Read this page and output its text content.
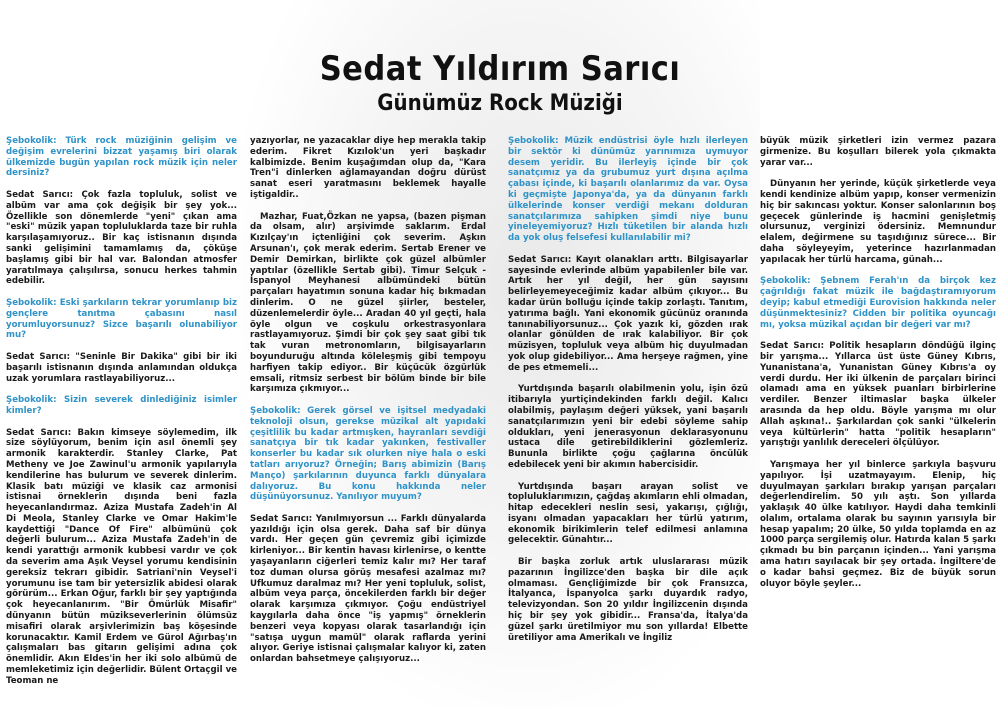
Sedat Yıldırım Sarıcı
Günümüz Rock Müziği

Şebokolik: Türk rock müziğinin gelişim ve değişim evrelerini bizzat yaşamış biri olarak ülkemizde bugün yapılan rock müzik için neler dersiniz?

Sedat Sarıcı: Çok fazla topluluk, solist ve albüm var ama çok değişik bir şey yok... Özellikle son dönemlerde "yeni" çıkan ama "eski" müzik yapan topluluklarda taze bir ruhla karşılaşamıyoruz.. Bir kaç istisnanın dışında sanki gelişimini tamamlamış da, çöküşe başlamış gibi bir hal var. Balondan atmosfer yaratılmaya çalışılırsa, sonucu herkes tahmin edebilir.

Şebokolik: Eski şarkıların tekrar yorumlanıp biz gençlere tanıtma çabasını nasıl yorumluyorsunuz? Sizce başarılı olunabiliyor mu?

Sedat Sarıcı: "Seninle Bir Dakika" gibi bir iki başarılı istisnanın dışında anlamından oldukça uzak yorumlara rastlayabiliyoruz...

Şebokolik: Sizin severek dinlediğiniz isimler kimler?

Sedat Sarıcı: Bakın kimseye söylemedim, ilk size söylüyorum, benim için asıl önemli şey armonik karakterdir. Stanley Clarke, Pat Metheny ve Joe Zawinul'u armonik yapılarıyla kendilerine has bulurum ve severek dinlerim. Klasik batı müziği ve klasik caz armonisi istisnai örneklerin dışında beni fazla heyecanlandırmaz. Aziza Mustafa Zadeh'in Al Di Meola, Stanley Clarke ve Omar Hakim'le kaydettiği "Dance Of Fire" albümünü çok değerli bulurum... Aziza Mustafa Zadeh'in de kendi yarattığı armonik kubbesi vardır ve çok da severim ama Aşık Veysel yorumu kendisinin gereksiz tekrarı gibidir. Satriani'nin Veysel'i yorumunu ise tam bir yetersizlik abidesi olarak görürüm... Erkan Oğur, farklı bir şey yaptığında çok heyecanlanırım. "Bir Ömürlük Misafir" dünyanın bütün müzikseverlerinin ölümsüz misafiri olarak arşivlerimizin baş köşesinde korunacaktır. Kamil Erdem ve Gürol Ağırbaş'ın çalışmaları bas gitarın gelişimi adına çok önemlidir. Akın Eldes'in her iki solo albümü de memleketimiz için değerlidir. Bülent Ortaçgil ve Teoman ne

yazıyorlar, ne yazacaklar diye hep merakla takip ederim. Fikret Kızılok'un yeri başkadır kalbimizde. Benim kuşağımdan olup da, "Kara Tren"i dinlerken ağlamayandan doğru dürüst sanat eseri yaratmasını beklemek hayalle iştigaldir..

Mazhar, Fuat,Özkan ne yapsa, (bazen pişman da olsam, alır) arşivimde saklarım. Erdal Kızılçay'ın içtenliğini çok severim. Aşkın Arsunan'ı, çok merak ederim. Sertab Erener ve Demir Demirkan, birlikte çok güzel albümler yaptılar (özellikle Sertab gibi). Timur Selçuk - İspanyol Meyhanesi albümündeki bütün parçaları hayatımın sonuna kadar hiç bıkmadan dinlerim. O ne güzel şiirler, besteler, düzenlemelerdir öyle... Aradan 40 yıl geçti, hala öyle olgun ve coşkulu orkestrasyonlara rastlayamıyoruz. Şimdi bir çok şey saat gibi tık tak vuran metronomların, bilgisayarların boyunduruğu altında köleleşmiş gibi tempoyu harfiyen takip ediyor.. Bir küçücük özgürlük emsali, ritmsiz serbest bir bölüm binde bir bile karşımıza çıkmıyor...

Şebokolik: Gerek görsel ve işitsel medyadaki teknoloji olsun, gerekse müzikal alt yapıdaki çeşitlilik bu kadar artmışken, hayranları sevdiği sanatçıya bir tık kadar yakınken, festivaller konserler bu kadar sık olurken niye hala o eski tatları arıyoruz? Örneğin; Barış abimizin (Barış Manço) şarkılarının duyunca farklı dünyalara dalıyoruz. Bu konu hakkında neler düşünüyorsunuz. Yanılıyor muyum?

Sedat Sarıcı: Yanılmıyorsun ... Farklı dünyalarda yazıldığı için olsa gerek. Daha saf bir dünya vardı. Her geçen gün çevremiz gibi içimizde kirleniyor... Bir kentin havası kirlenirse, o kentte yaşayanların ciğerleri temiz kalır mı? Her taraf toz duman olursa görüş mesafesi azalmaz mı? Ufkumuz daralmaz mı? Her yeni topluluk, solist, albüm veya parça, öncekilerden farklı bir değer olarak karşımıza çıkmıyor. Çoğu endüstriyel kaygılarla daha önce "iş yapmış" örneklerin benzeri veya kopyası olarak tasarlandığı için "satışa uygun mamül" olarak raflarda yerini alıyor. Geriye istisnai çalışmalar kalıyor ki, zaten onlardan bahsetmeye çalışıyoruz...

Şebokolik: Müzik endüstrisi öyle hızlı ilerleyen bir sektör ki dünümüz yarınımıza uymuyor desem yeridir. Bu ilerleyiş içinde bir çok sanatçımız ya da grubumuz yurt dışına açılma çabası içinde, ki başarılı olanlarımız da var. Oysa ki geçmişte Japonya'da, ya da dünyanın farklı ülkelerinde konser verdiği mekanı dolduran sanatçılarımıza sahipken şimdi niye bunu yineleyemiyoruz? Hızlı tüketilen bir alanda hızlı da yok oluş felsefesi kullanılabilir mi?

Sedat Sarıcı: Kayıt olanakları arttı. Bilgisayarlar sayesinde evlerinde albüm yapabilenler bile var. Artık her yıl değil, her gün sayısını belirleyemeyeceğimiz kadar albüm çıkıyor... Bu kadar ürün bolluğu içinde takip zorlaştı. Tanıtım, yatırıma bağlı. Yani ekonomik gücünüz oranında tanınabiliyorsunuz... Çok yazık ki, gözden ırak olanlar gönülden de ırak kalabiliyor. Bir çok müzisyen, topluluk veya albüm hiç duyulmadan yok olup gidebiliyor... Ama herşeye rağmen, yine de pes etmemeli...

Yurtdışında başarılı olabilmenin yolu, işin özü itibarıyla yurtiçindekinden farklı değil. Kalıcı olabilmiş, paylaşım değeri yüksek, yani başarılı sanatçılarımızın yeni bir edebi söyleme sahip oldukları, yeni jenerasyonun deklarasyonunu ustaca dile getirebildiklerini gözlemleriz. Bununla birlikte çoğu çağlarına öncülük edebilecek yeni bir akımın habercisidir.

Yurtdışında başarı arayan solist ve topluluklarımızın, çağdaş akımların ehli olmadan, hitap edecekleri neslin sesi, yakarışı, çığlığı, isyanı olmadan yapacakları her türlü yatırım, ekonomik birikimlerin telef edilmesi anlamına gelecektir. Günahtır...

Bir başka zorluk artık uluslararası müzik pazarının İngilizce'den başka bir dile açık olmaması. Gençliğimizde bir çok Fransızca, İtalyanca, İspanyolca şarkı duyardık radyo, televizyondan. Son 20 yıldır İngilizcenin dışında hiç bir şey yok gibidir... Fransa'da, İtalya'da güzel şarkı üretilmiyor mu son yıllarda! Elbette üretiliyor ama Amerikalı ve İngiliz

büyük müzik şirketleri izin vermez pazara girmenize. Bu koşulları bilerek yola çıkmakta yarar var...

Dünyanın her yerinde, küçük şirketlerde veya kendi kendinize albüm yapıp, konser vermenizin hiç bir sakıncası yoktur. Konser salonlarının boş geçecek günlerinde iş hacmini genişletmiş olursunuz, verginizi ödersiniz. Memnundur elalem, değirmene su taşıdığınız sürece... Bir daha söyleyeyim, yeterince hazırlanmadan yapılacak her türlü harcama, günah...

Şebokolik: Şebnem Ferah'ın da birçok kez çağrıldığı fakat müzik ile bağdaştıramıyorum deyip; kabul etmediği Eurovision hakkında neler düşünmektesiniz? Cidden bir politika oyuncağı mı, yoksa müzikal açıdan bir değeri var mı?

Sedat Sarıcı: Politik hesapların döndüğü ilginç bir yarışma... Yıllarca üst üste Güney Kıbrıs, Yunanistana'a, Yunanistan Güney Kıbrıs'a oy verdi durdu. Her iki ülkenin de parçaları birinci olamadı ama en yüksek puanları birbirlerine verdiler. Benzer iltimaslar başka ülkeler arasında da hep oldu. Böyle yarışma mı olur Allah aşkına!.. Şarkılardan çok sanki "ülkelerin veya kültürlerin" hatta "politik hesapların" yarıştığı yanlılık dereceleri ölçülüyor.

Yarışmaya her yıl binlerce şarkıyla başvuru yapılıyor. İşi uzatmayayım. Elenip, hiç duyulmayan şarkıları bırakıp yarışan parçaları değerlendirelim. 50 yılı aştı. Son yıllarda yaklaşık 40 ülke katılıyor. Haydi daha temkinli olalım, ortalama olarak bu sayının yarısıyla bir hesap yapalım; 20 ülke, 50 yılda toplamda en az 1000 parça sergilemiş olur. Hatırda kalan 5 şarkı çıkmadı bu bin parçanın içinden... Yani yarışma ama hatırı sayılacak bir şey ortada. İngiltere'de o kadar bahsi geçmez. Biz de büyük sorun oluyor böyle şeyler...
